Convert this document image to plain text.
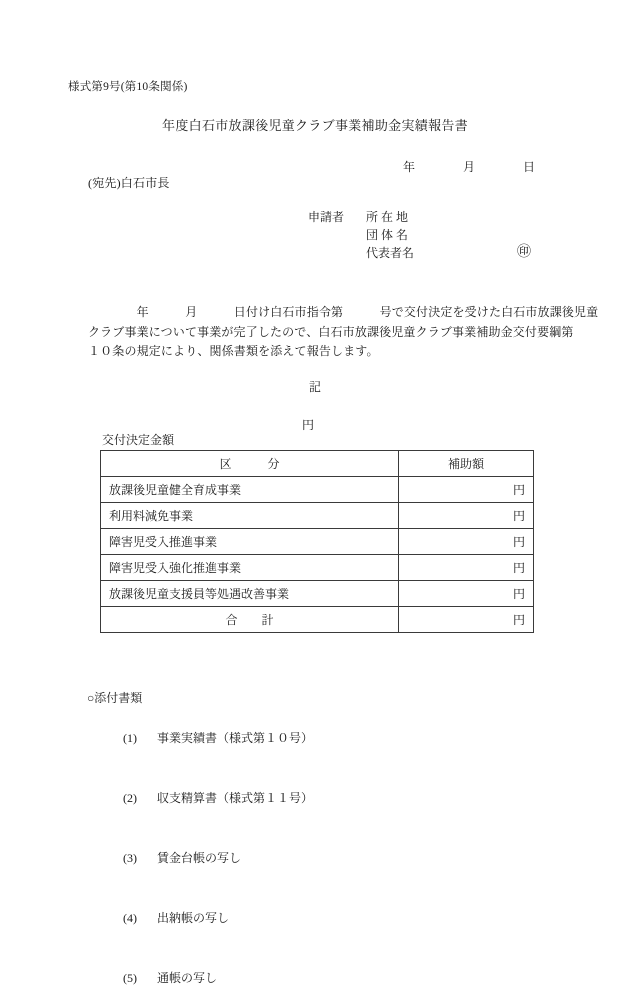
様式第9号(第10条関係)
年度白石市放課後児童クラブ事業補助金実績報告書
年　　　　月　　　　日
(宛先)白石市長
申請者	所 在 地
団 体 名
代表者名	㊞
　　　　年　　　月　　　日付け白石市指令第　　　号で交付決定を受けた白石市放課後児童
クラブ事業について事業が完了したので、白石市放課後児童クラブ事業補助金交付要綱第
１０条の規定により、関係書類を添えて報告します。
記

交付決定金額

円

区　　　分	補助額
放課後児童健全育成事業	円
利用料減免事業	円
障害児受入推進事業	円
障害児受入強化推進事業	円
放課後児童支援員等処遇改善事業	円
合　　計	円
○添付書類

(1) 事業実績書（様式第１０号）

(2) 収支精算書（様式第１１号）

(3) 賃金台帳の写し

(4) 出納帳の写し

(5) 通帳の写し
